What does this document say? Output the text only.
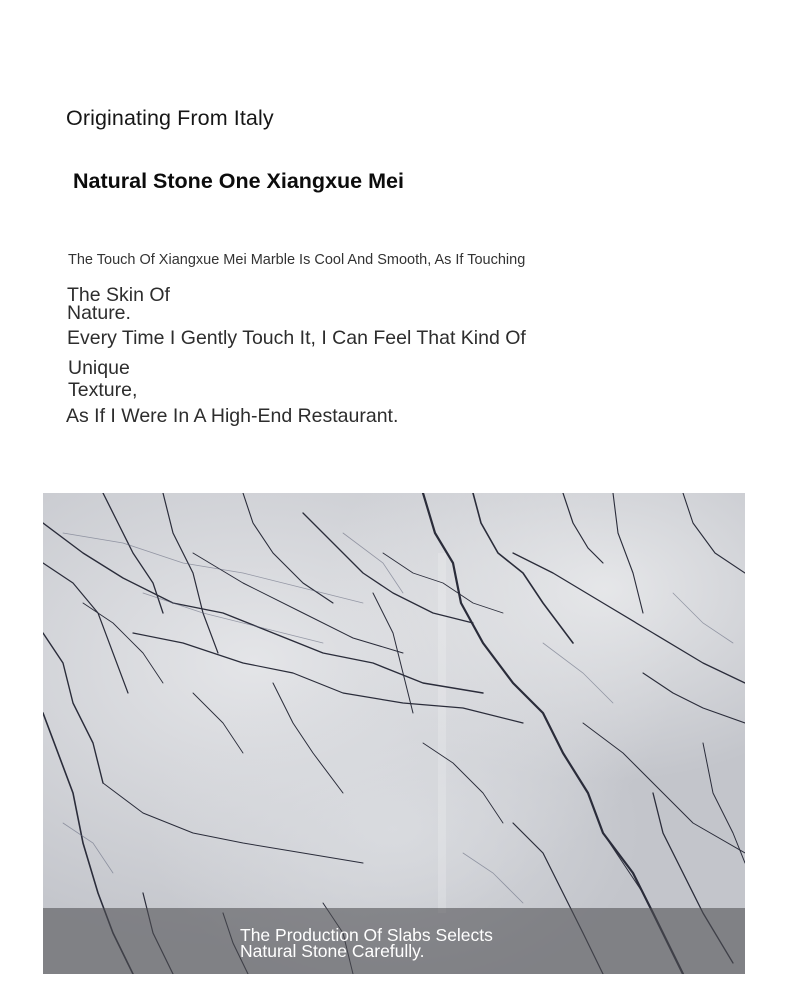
Originating From Italy
Natural Stone One Xiangxue Mei

The Touch Of Xiangxue Mei Marble Is Cool And Smooth, As If Touching

The Skin Of

Nature.

Every Time I Gently Touch It, I Can Feel That Kind Of

Unique

Texture,

As If I Were In A High-End Restaurant.

The Production Of Slabs Selects
Natural Stone Carefully.
